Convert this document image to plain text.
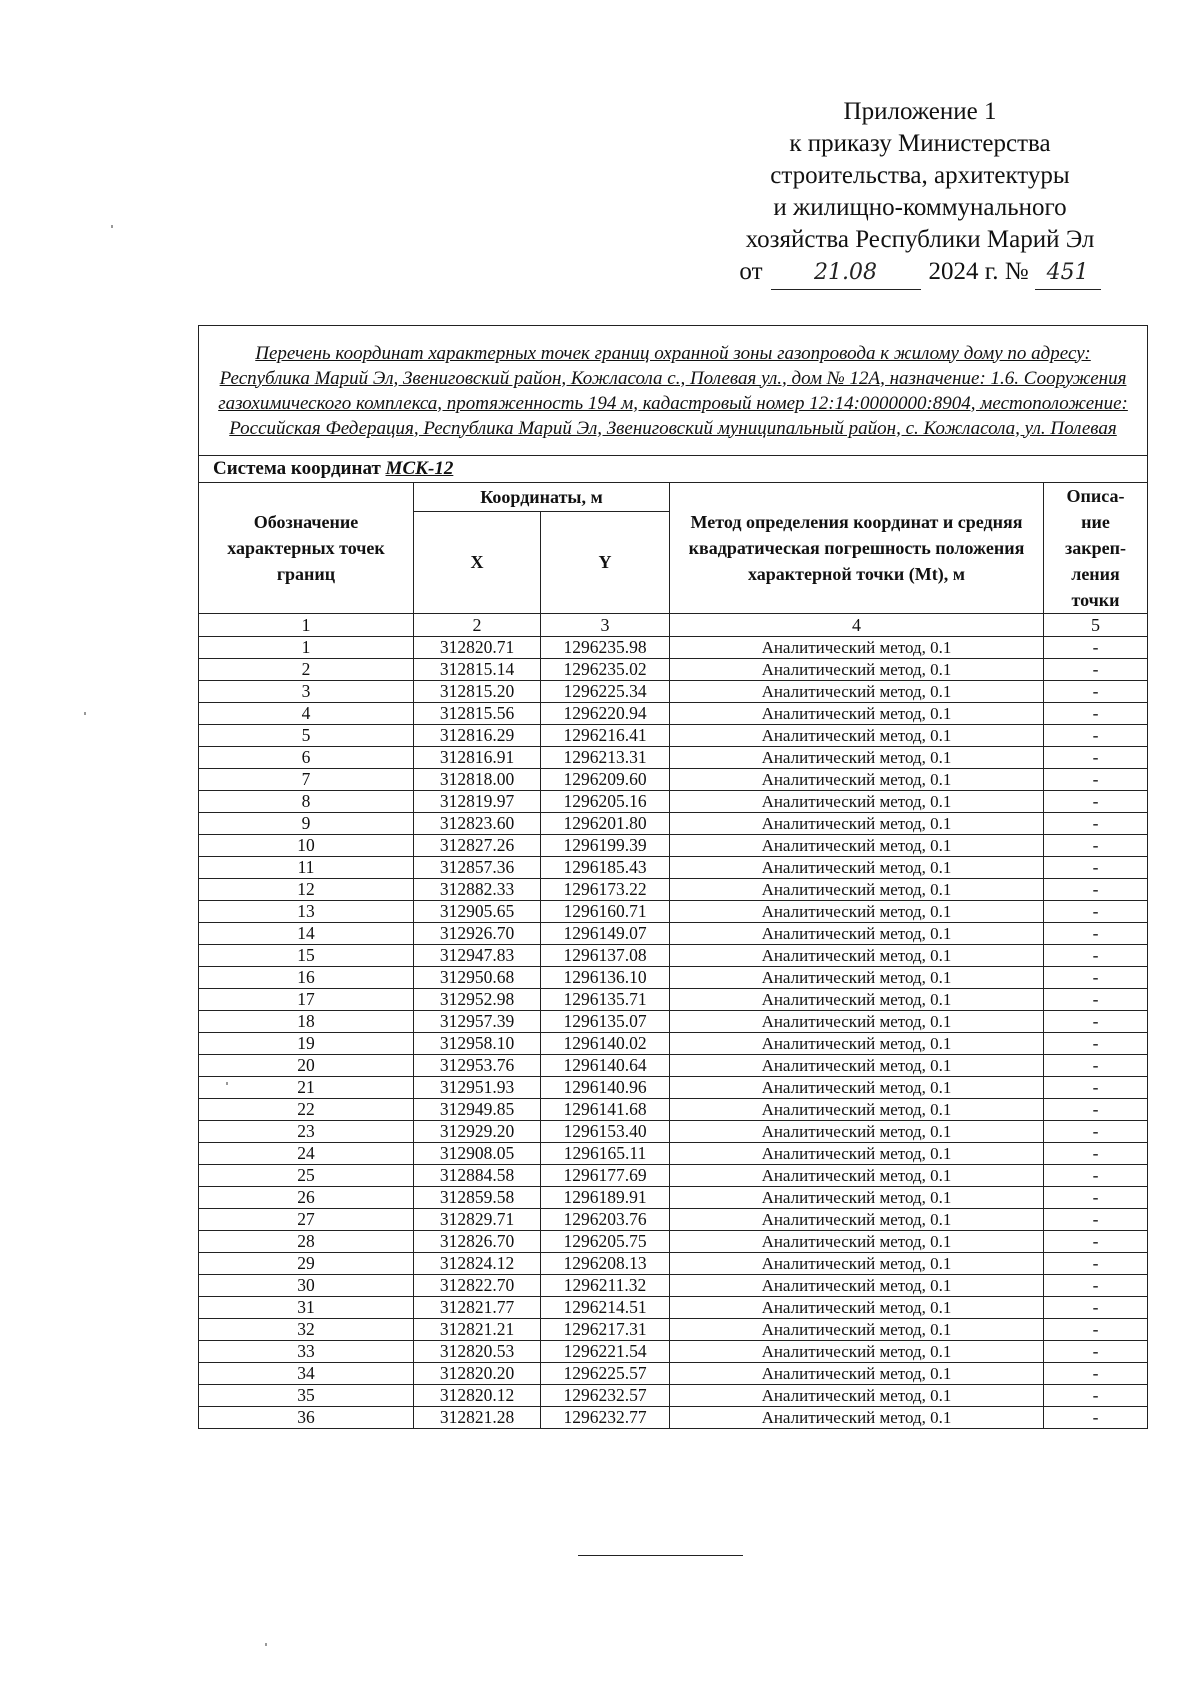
Приложение 1
к приказу Министерства
строительства, архитектуры
и жилищно-коммунального
хозяйства Республики Марий Эл
от 21.08 2024 г. № 451
Перечень координат характерных точек границ охранной зоны газопровода к жилому дому по адресу: Республика Марий Эл, Звениговский район, Кожласола с., Полевая ул., дом № 12А, назначение: 1.6. Сооружения газохимического комплекса, протяженность 194 м, кадастровый номер 12:14:0000000:8904, местоположение: Российская Федерация, Республика Марий Эл, Звениговский муниципальный район, с. Кожласола, ул. Полевая				
Система координат МСК-12				
Обозначение характерных точек границ	Координаты, м		Метод определения координат и средняя квадратическая погрешность положения характерной точки (Mt), м	Описа-ние закреп-ления точки
	X	Y		
1	2	3	4	5
1	312820.71	1296235.98	Аналитический метод, 0.1	-
2	312815.14	1296235.02	Аналитический метод, 0.1	-
3	312815.20	1296225.34	Аналитический метод, 0.1	-
4	312815.56	1296220.94	Аналитический метод, 0.1	-
5	312816.29	1296216.41	Аналитический метод, 0.1	-
6	312816.91	1296213.31	Аналитический метод, 0.1	-
7	312818.00	1296209.60	Аналитический метод, 0.1	-
8	312819.97	1296205.16	Аналитический метод, 0.1	-
9	312823.60	1296201.80	Аналитический метод, 0.1	-
10	312827.26	1296199.39	Аналитический метод, 0.1	-
11	312857.36	1296185.43	Аналитический метод, 0.1	-
12	312882.33	1296173.22	Аналитический метод, 0.1	-
13	312905.65	1296160.71	Аналитический метод, 0.1	-
14	312926.70	1296149.07	Аналитический метод, 0.1	-
15	312947.83	1296137.08	Аналитический метод, 0.1	-
16	312950.68	1296136.10	Аналитический метод, 0.1	-
17	312952.98	1296135.71	Аналитический метод, 0.1	-
18	312957.39	1296135.07	Аналитический метод, 0.1	-
19	312958.10	1296140.02	Аналитический метод, 0.1	-
20	312953.76	1296140.64	Аналитический метод, 0.1	-
21	312951.93	1296140.96	Аналитический метод, 0.1	-
22	312949.85	1296141.68	Аналитический метод, 0.1	-
23	312929.20	1296153.40	Аналитический метод, 0.1	-
24	312908.05	1296165.11	Аналитический метод, 0.1	-
25	312884.58	1296177.69	Аналитический метод, 0.1	-
26	312859.58	1296189.91	Аналитический метод, 0.1	-
27	312829.71	1296203.76	Аналитический метод, 0.1	-
28	312826.70	1296205.75	Аналитический метод, 0.1	-
29	312824.12	1296208.13	Аналитический метод, 0.1	-
30	312822.70	1296211.32	Аналитический метод, 0.1	-
31	312821.77	1296214.51	Аналитический метод, 0.1	-
32	312821.21	1296217.31	Аналитический метод, 0.1	-
33	312820.53	1296221.54	Аналитический метод, 0.1	-
34	312820.20	1296225.57	Аналитический метод, 0.1	-
35	312820.12	1296232.57	Аналитический метод, 0.1	-
36	312821.28	1296232.77	Аналитический метод, 0.1	-
